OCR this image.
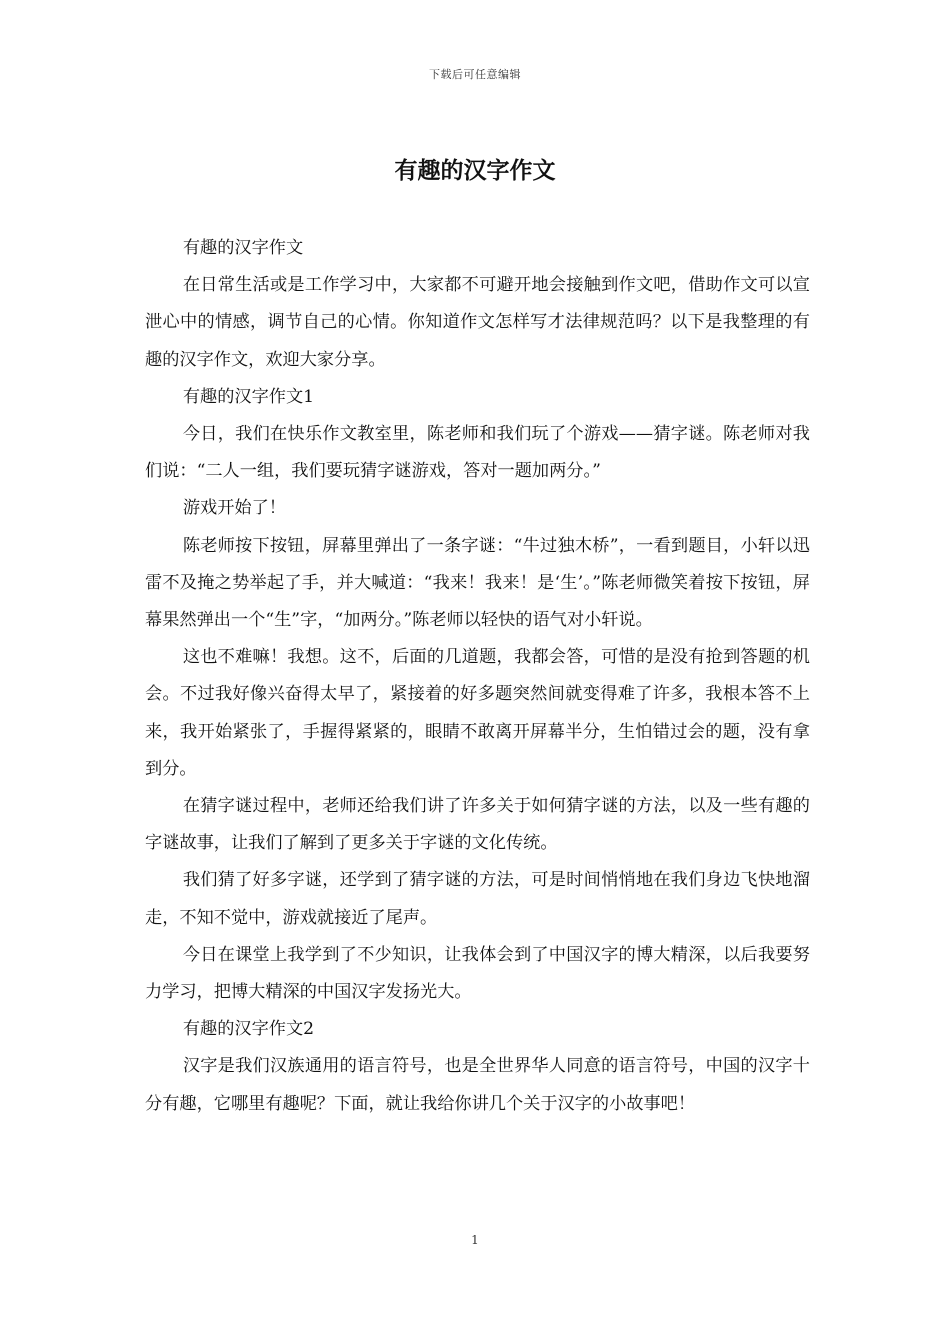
下载后可任意编辑
有趣的汉字作文

有趣的汉字作文

在日常生活或是工作学习中，大家都不可避开地会接触到作文吧，借助作文可以宣泄心中的情感，调节自己的心情。你知道作文怎样写才法律规范吗？以下是我整理的有趣的汉字作文，欢迎大家分享。

有趣的汉字作文1

今日，我们在快乐作文教室里，陈老师和我们玩了个游戏——猜字谜。陈老师对我们说：“二人一组，我们要玩猜字谜游戏，答对一题加两分。”

游戏开始了！

陈老师按下按钮，屏幕里弹出了一条字谜：“牛过独木桥”，一看到题目，小轩以迅雷不及掩之势举起了手，并大喊道：“我来！我来！是‘生’。”陈老师微笑着按下按钮，屏幕果然弹出一个“生”字，“加两分。”陈老师以轻快的语气对小轩说。

这也不难嘛！我想。这不，后面的几道题，我都会答，可惜的是没有抢到答题的机会。不过我好像兴奋得太早了，紧接着的好多题突然间就变得难了许多，我根本答不上来，我开始紧张了，手握得紧紧的，眼睛不敢离开屏幕半分，生怕错过会的题，没有拿到分。

在猜字谜过程中，老师还给我们讲了许多关于如何猜字谜的方法，以及一些有趣的字谜故事，让我们了解到了更多关于字谜的文化传统。

我们猜了好多字谜，还学到了猜字谜的方法，可是时间悄悄地在我们身边飞快地溜走，不知不觉中，游戏就接近了尾声。

今日在课堂上我学到了不少知识，让我体会到了中国汉字的博大精深，以后我要努力学习，把博大精深的中国汉字发扬光大。

有趣的汉字作文2

汉字是我们汉族通用的语言符号，也是全世界华人同意的语言符号，中国的汉字十分有趣，它哪里有趣呢？下面，就让我给你讲几个关于汉字的小故事吧！

1
